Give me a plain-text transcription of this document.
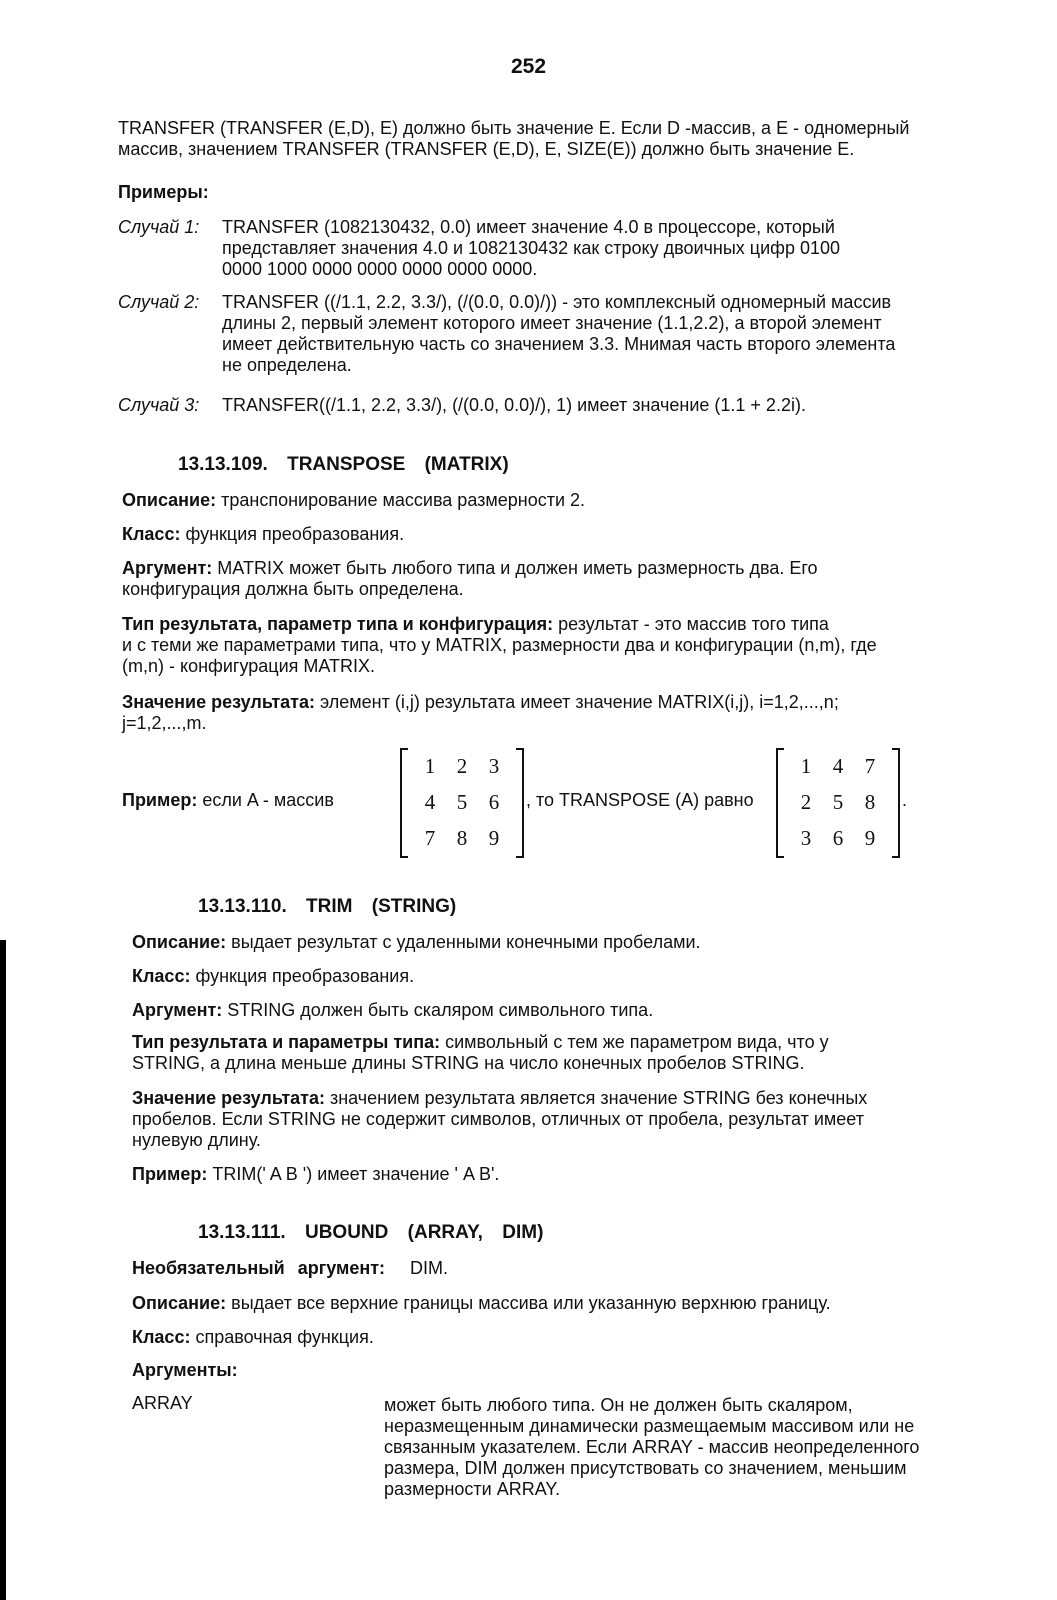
252
TRANSFER (TRANSFER (E,D), E) должно быть значение E. Если D -массив, а E - одномерный
массив, значением TRANSFER (TRANSFER (E,D), E, SIZE(E)) должно быть значение E.
Примеры:
Случай 1: TRANSFER (1082130432, 0.0) имеет значение 4.0 в процессоре, который
представляет значения 4.0 и 1082130432 как строку двоичных цифр 0100
0000 1000 0000 0000 0000 0000 0000.
Случай 2: TRANSFER ((/1.1, 2.2, 3.3/), (/(0.0, 0.0)/)) - это комплексный одномерный массив
длины 2, первый элемент которого имеет значение (1.1,2.2), а второй элемент
имеет действительную часть со значением 3.3. Мнимая часть второго элемента
не определена.
Случай 3: TRANSFER((/1.1, 2.2, 3.3/), (/(0.0, 0.0)/), 1) имеет значение (1.1 + 2.2i).
13.13.109. TRANSPOSE (MATRIX)
Описание: транспонирование массива размерности 2.
Класс: функция преобразования.
Аргумент: MATRIX может быть любого типа и должен иметь размерность два. Его
конфигурация должна быть определена.
Тип результата, параметр типа и конфигурация: результат - это массив того типа
и с теми же параметрами типа, что у MATRIX, размерности два и конфигурации (n,m), где
(m,n) - конфигурация MATRIX.
Значение результата: элемент (i,j) результата имеет значение MATRIX(i,j), i=1,2,...,n;
j=1,2,...,m.
Пример: если A - массив
1	2	3
4	5	6
7	8	9
, то TRANSPOSE (A) равно
1	4	7
2	5	8
3	6	9
.
13.13.110. TRIM (STRING)
Описание: выдает результат с удаленными конечными пробелами.
Класс: функция преобразования.
Аргумент: STRING должен быть скаляром символьного типа.
Тип результата и параметры типа: символьный с тем же параметром вида, что у
STRING, а длина меньше длины STRING на число конечных пробелов STRING.
Значение результата: значением результата является значение STRING без конечных
пробелов. Если STRING не содержит символов, отличных от пробела, результат имеет
нулевую длину.
Пример: TRIM(' A B ') имеет значение ' A B'.
13.13.111. UBOUND (ARRAY, DIM)
Необязательный аргумент: DIM.
Описание: выдает все верхние границы массива или указанную верхнюю границу.
Класс: справочная функция.
Аргументы:
ARRAY	может быть любого типа. Он не должен быть скаляром,
неразмещенным динамически размещаемым массивом или не
связанным указателем. Если ARRAY - массив неопределенного
размера, DIM должен присутствовать со значением, меньшим
размерности ARRAY.
